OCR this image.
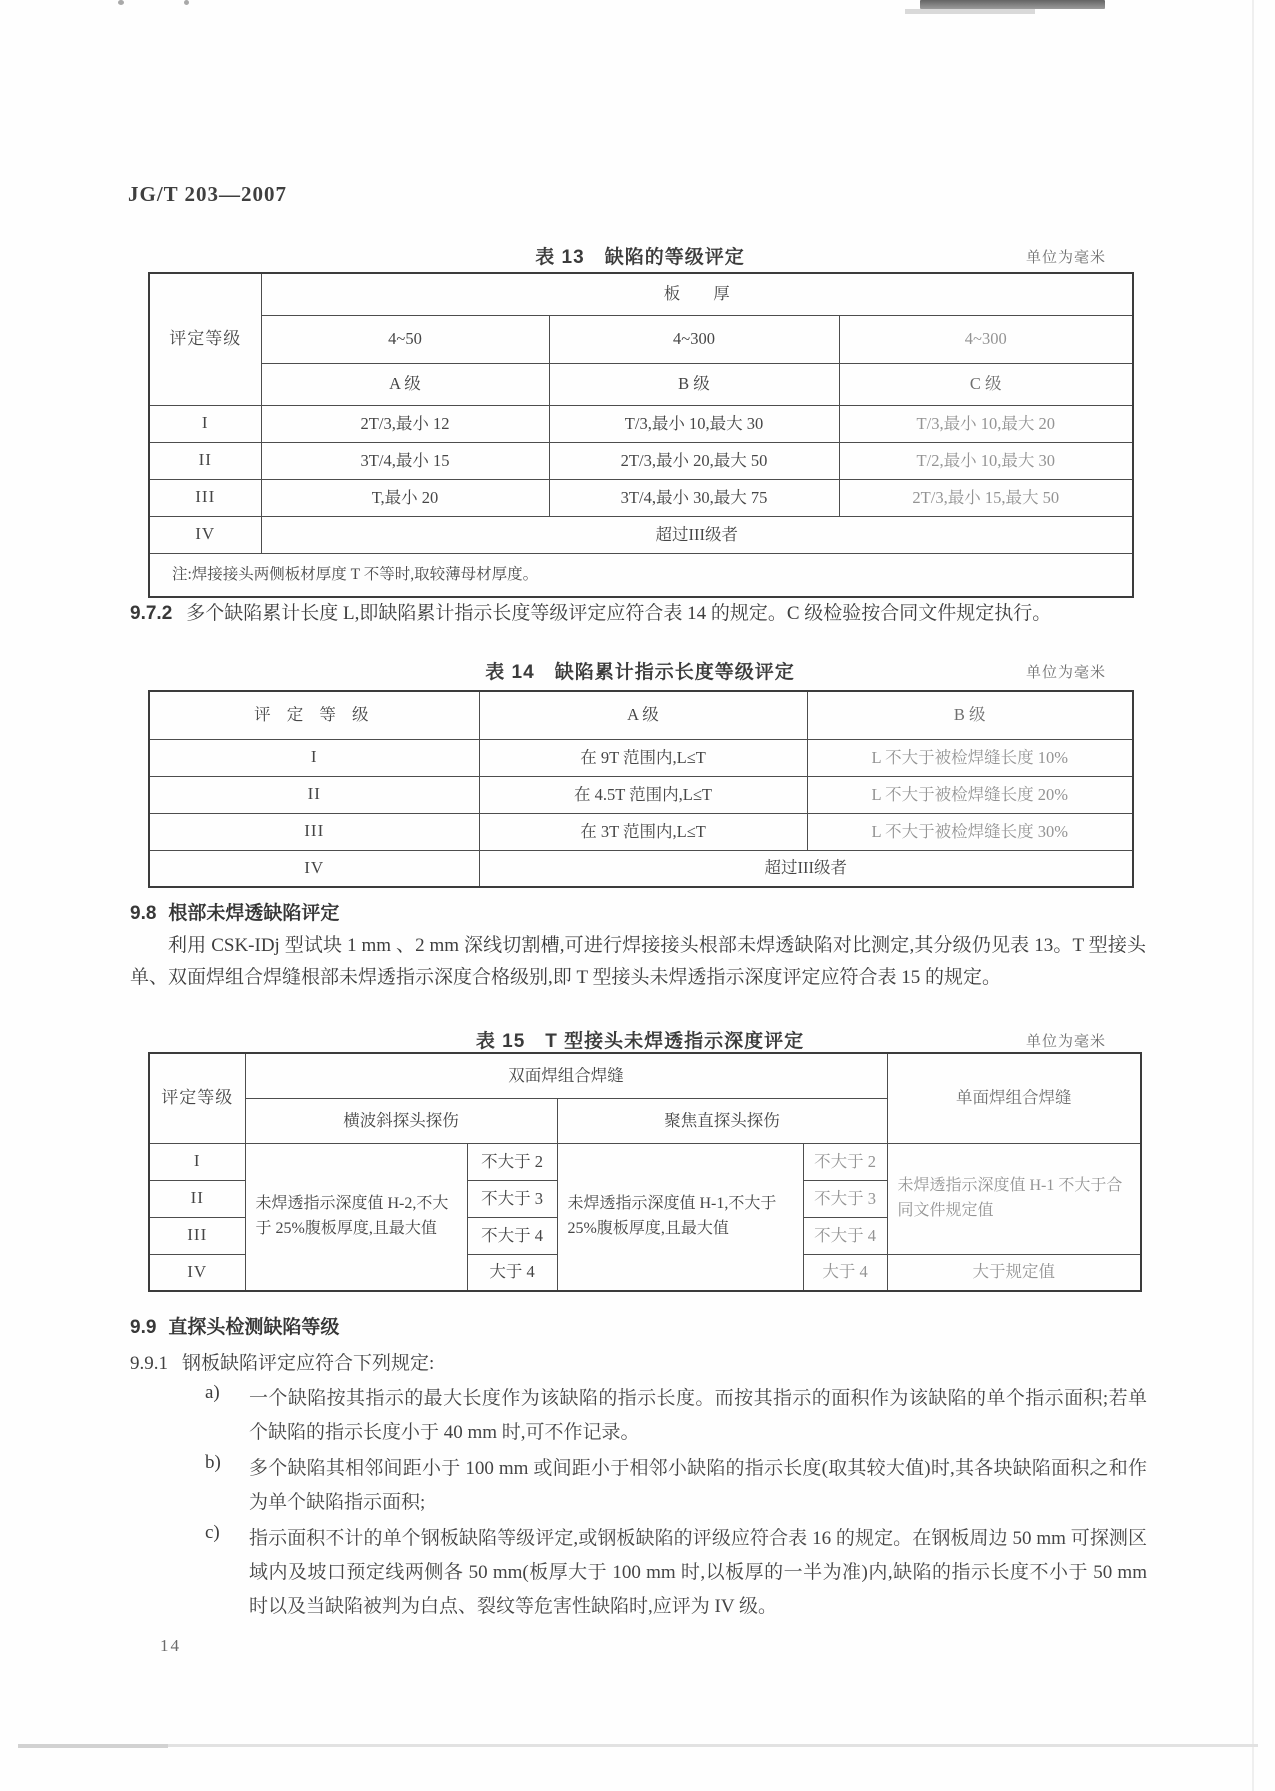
JG/T 203—2007
表 13　缺陷的等级评定	单位为毫米
评定等级	板　　厚		
	4~50	4~300	4~300
	A 级	B 级	C 级
I	2T/3,最小 12	T/3,最小 10,最大 30	T/3,最小 10,最大 20
II	3T/4,最小 15	2T/3,最小 20,最大 50	T/2,最小 10,最大 30
III	T,最小 20	3T/4,最小 30,最大 75	2T/3,最小 15,最大 50
IV	超过III级者		
注:焊接接头两侧板材厚度 T 不等时,取较薄母材厚度。			
9.7.2 多个缺陷累计长度 L,即缺陷累计指示长度等级评定应符合表 14 的规定。C 级检验按合同文件规定执行。
表 14　缺陷累计指示长度等级评定	单位为毫米
评 定 等 级	A 级	B 级
I	在 9T 范围内,L≤T	L 不大于被检焊缝长度 10%
II	在 4.5T 范围内,L≤T	L 不大于被检焊缝长度 20%
III	在 3T 范围内,L≤T	L 不大于被检焊缝长度 30%
IV	超过III级者	
9.8 根部未焊透缺陷评定
利用 CSK-IDj 型试块 1 mm 、2 mm 深线切割槽,可进行焊接接头根部未焊透缺陷对比测定,其分级仍见表 13。T 型接头单、双面焊组合焊缝根部未焊透指示深度合格级别,即 T 型接头未焊透指示深度评定应符合表 15 的规定。
表 15　T 型接头未焊透指示深度评定	单位为毫米
评定等级	双面焊组合焊缝				单面焊组合焊缝
	横波斜探头探伤		聚焦直探头探伤		
I	未焊透指示深度值 H-2,不大于 25%腹板厚度,且最大值	不大于 2	未焊透指示深度值 H-1,不大于 25%腹板厚度,且最大值	不大于 2	未焊透指示深度值 H-1 不大于合同文件规定值
II		不大于 3		不大于 3	
III		不大于 4		不大于 4	
IV		大于 4		大于 4	大于规定值
9.9 直探头检测缺陷等级
9.9.1 钢板缺陷评定应符合下列规定:
a) 一个缺陷按其指示的最大长度作为该缺陷的指示长度。而按其指示的面积作为该缺陷的单个指示面积;若单个缺陷的指示长度小于 40 mm 时,可不作记录。
b) 多个缺陷其相邻间距小于 100 mm 或间距小于相邻小缺陷的指示长度(取其较大值)时,其各块缺陷面积之和作为单个缺陷指示面积;
c) 指示面积不计的单个钢板缺陷等级评定,或钢板缺陷的评级应符合表 16 的规定。在钢板周边 50 mm 可探测区域内及坡口预定线两侧各 50 mm(板厚大于 100 mm 时,以板厚的一半为准)内,缺陷的指示长度不小于 50 mm 时以及当缺陷被判为白点、裂纹等危害性缺陷时,应评为 IV 级。
14
